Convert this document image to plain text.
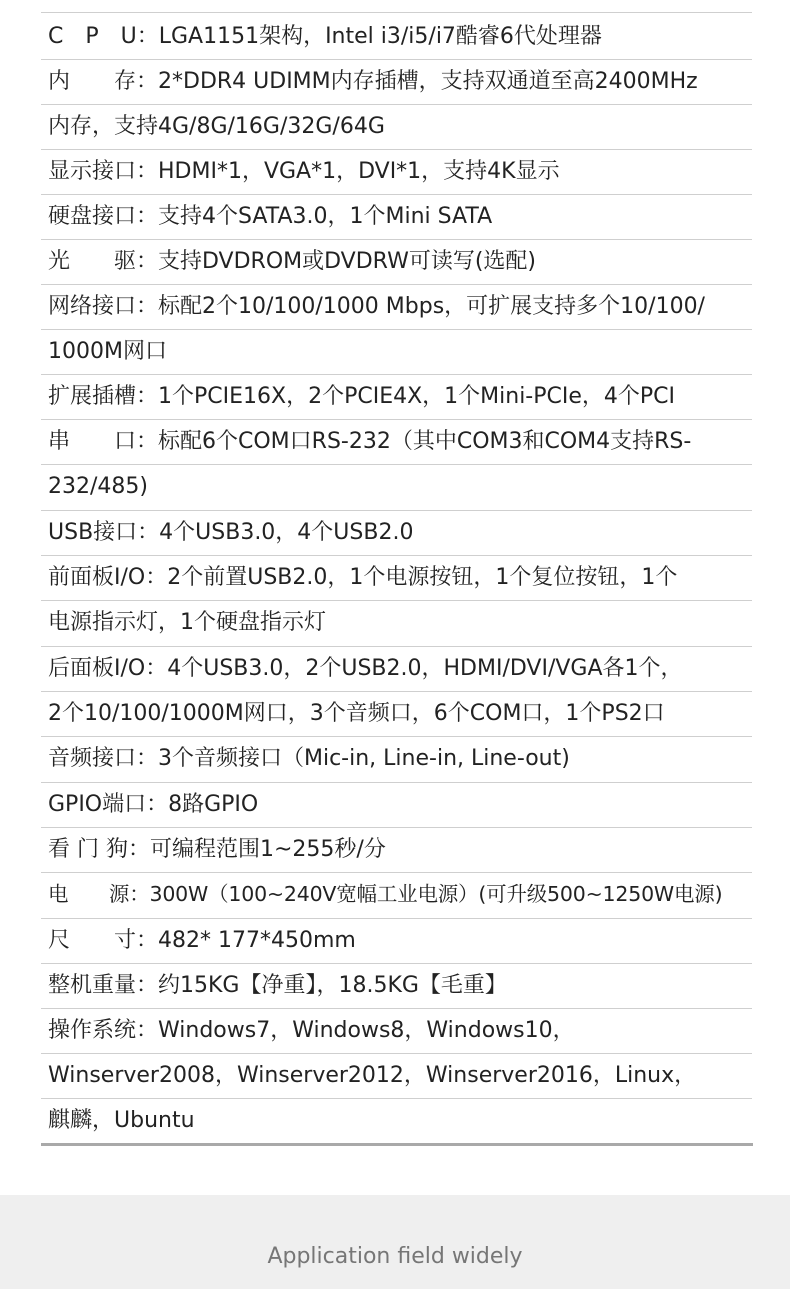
C　P　U：LGA1151架构，Intel i3/i5/i7酷睿6代处理器
内　　存：2*DDR4 UDIMM内存插槽，支持双通道至高2400MHz
内存，支持4G/8G/16G/32G/64G
显示接口：HDMI*1，VGA*1，DVI*1，支持4K显示
硬盘接口：支持4个SATA3.0，1个Mini SATA
光　　驱：支持DVDROM或DVDRW可读写(选配)
网络接口：标配2个10/100/1000 Mbps，可扩展支持多个10/100/
1000M网口
扩展插槽：1个PCIE16X，2个PCIE4X，1个Mini-PCIe，4个PCI
串　　口：标配6个COM口RS-232（其中COM3和COM4支持RS-
232/485)
USB接口：4个USB3.0，4个USB2.0
前面板I/O：2个前置USB2.0，1个电源按钮，1个复位按钮，1个
电源指示灯，1个硬盘指示灯
后面板I/O：4个USB3.0，2个USB2.0，HDMI/DVI/VGA各1个，
2个10/100/1000M网口，3个音频口，6个COM口，1个PS2口
音频接口：3个音频接口（Mic-in, Line-in, Line-out)
GPIO端口：8路GPIO
看 门 狗：可编程范围1~255秒/分
电　　源：300W（100~240V宽幅工业电源）(可升级500~1250W电源)
尺　　寸：482* 177*450mm
整机重量：约15KG【净重】，18.5KG【毛重】
操作系统：Windows7，Windows8，Windows10，
Winserver2008，Winserver2012，Winserver2016，Linux，
麒麟，Ubuntu
Application field widely
